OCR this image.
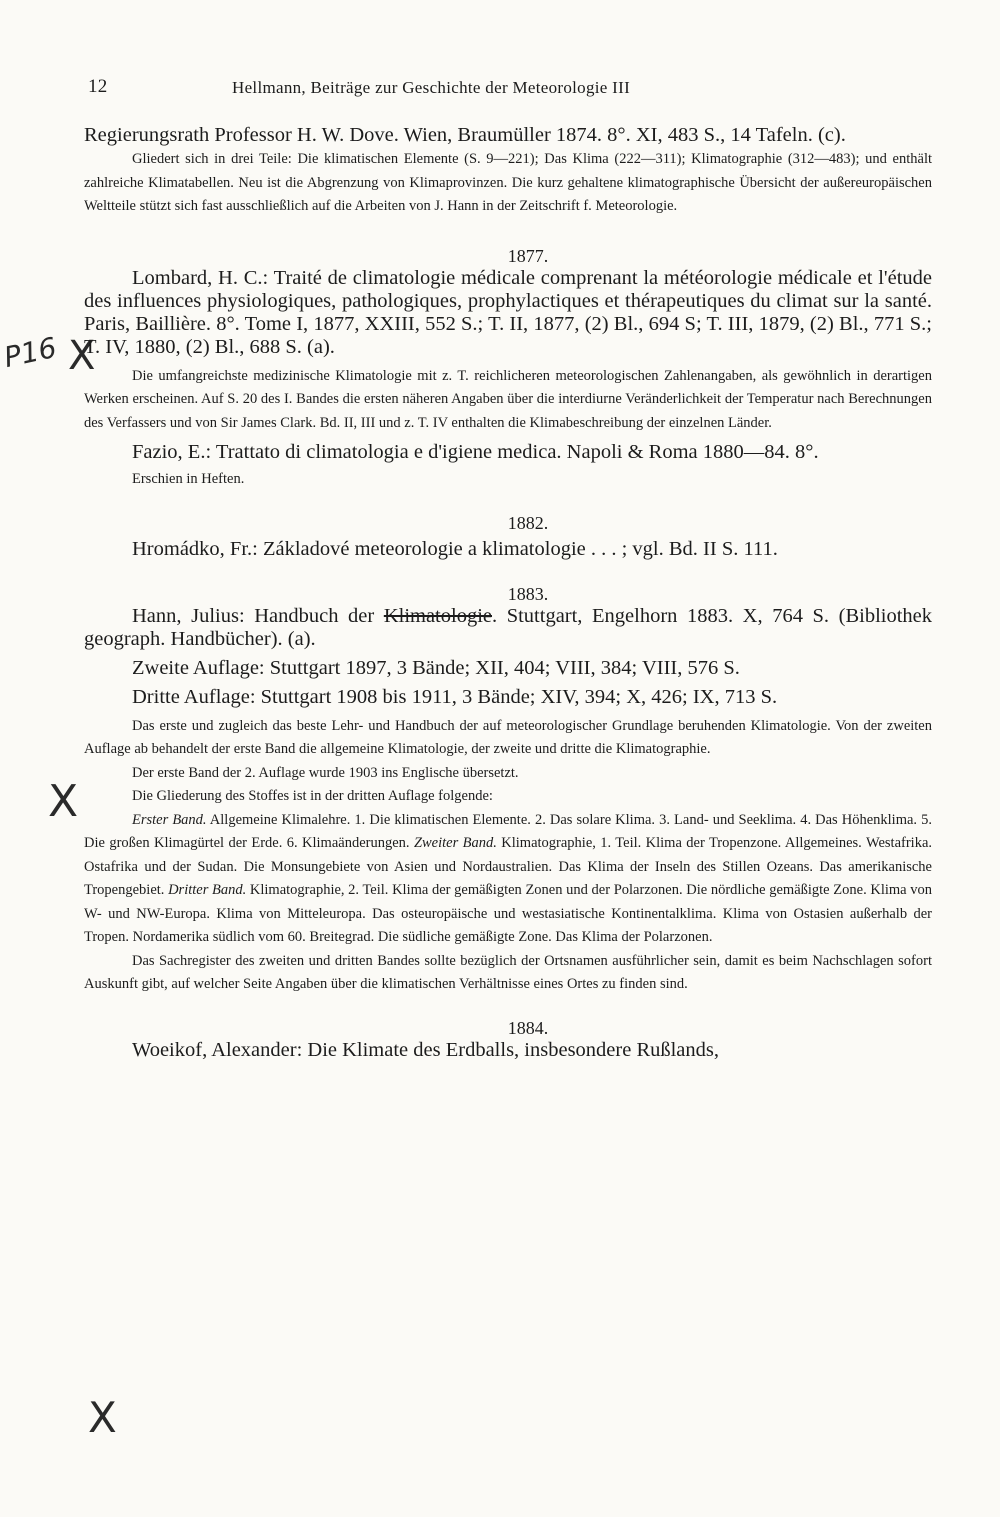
12	Hellmann, Beiträge zur Geschichte der Meteorologie III
P16 X
X
X

Regierungsrath Professor H. W. Dove. Wien, Braumüller 1874. 8°. XI, 483 S., 14 Tafeln. (c).

Gliedert sich in drei Teile: Die klimatischen Elemente (S. 9—221); Das Klima (222—311); Klimatographie (312—483); und enthält zahlreiche Klimatabellen. Neu ist die Abgrenzung von Klimaprovinzen. Die kurz gehaltene klimatographische Übersicht der außereuropäischen Weltteile stützt sich fast ausschließlich auf die Arbeiten von J. Hann in der Zeitschrift f. Meteorologie.

1877.

Lombard, H. C.: Traité de climatologie médicale comprenant la météorologie médicale et l'étude des influences physiologiques, pathologiques, prophylactiques et thérapeutiques du climat sur la santé. Paris, Baillière. 8°. Tome I, 1877, XXIII, 552 S.; T. II, 1877, (2) Bl., 694 S; T. III, 1879, (2) Bl., 771 S.; T. IV, 1880, (2) Bl., 688 S. (a).

Die umfangreichste medizinische Klimatologie mit z. T. reichlicheren meteorologischen Zahlenangaben, als gewöhnlich in derartigen Werken erscheinen. Auf S. 20 des I. Bandes die ersten näheren Angaben über die interdiurne Veränderlichkeit der Temperatur nach Berechnungen des Verfassers und von Sir James Clark. Bd. II, III und z. T. IV enthalten die Klimabeschreibung der einzelnen Länder.

Fazio, E.: Trattato di climatologia e d'igiene medica. Napoli & Roma 1880—84. 8°.

Erschien in Heften.

1882.

Hromádko, Fr.: Základové meteorologie a klimatologie . . . ; vgl. Bd. II S. 111.

1883.

Hann, Julius: Handbuch der Klimatologie. Stuttgart, Engelhorn 1883. X, 764 S. (Bibliothek geograph. Handbücher). (a).

Zweite Auflage: Stuttgart 1897, 3 Bände; XII, 404; VIII, 384; VIII, 576 S.

Dritte Auflage: Stuttgart 1908 bis 1911, 3 Bände; XIV, 394; X, 426; IX, 713 S.

Das erste und zugleich das beste Lehr- und Handbuch der auf meteorologischer Grundlage beruhenden Klimatologie. Von der zweiten Auflage ab behandelt der erste Band die allgemeine Klimatologie, der zweite und dritte die Klimatographie.

Der erste Band der 2. Auflage wurde 1903 ins Englische übersetzt.

Die Gliederung des Stoffes ist in der dritten Auflage folgende:

Erster Band. Allgemeine Klimalehre. 1. Die klimatischen Elemente. 2. Das solare Klima. 3. Land- und Seeklima. 4. Das Höhenklima. 5. Die großen Klimagürtel der Erde. 6. Klimaänderungen. Zweiter Band. Klimatographie, 1. Teil. Klima der Tropenzone. Allgemeines. Westafrika. Ostafrika und der Sudan. Die Monsungebiete von Asien und Nordaustralien. Das Klima der Inseln des Stillen Ozeans. Das amerikanische Tropengebiet. Dritter Band. Klimatographie, 2. Teil. Klima der gemäßigten Zonen und der Polarzonen. Die nördliche gemäßigte Zone. Klima von W- und NW-Europa. Klima von Mitteleuropa. Das osteuropäische und westasiatische Kontinentalklima. Klima von Ostasien außerhalb der Tropen. Nordamerika südlich vom 60. Breitegrad. Die südliche gemäßigte Zone. Das Klima der Polarzonen.

Das Sachregister des zweiten und dritten Bandes sollte bezüglich der Ortsnamen ausführlicher sein, damit es beim Nachschlagen sofort Auskunft gibt, auf welcher Seite Angaben über die klimatischen Verhältnisse eines Ortes zu finden sind.

1884.

Woeikof, Alexander: Die Klimate des Erdballs, insbesondere Rußlands,
